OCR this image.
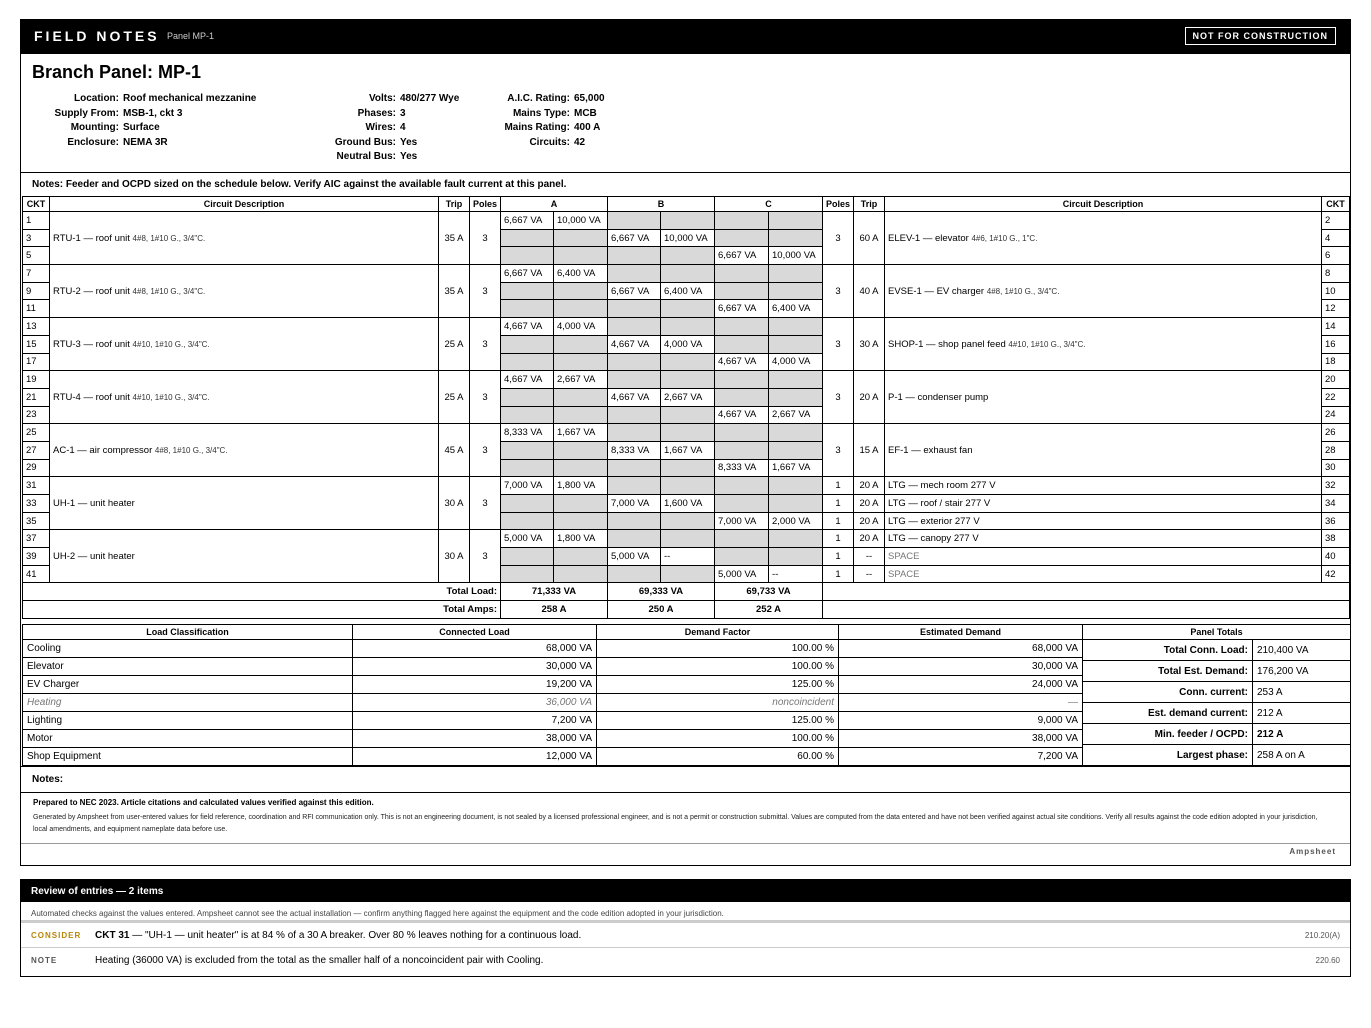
FIELD NOTES Panel MP-1	NOT FOR CONSTRUCTION
Branch Panel: MP-1
Location: Roof mechanical mezzanine
Supply From: MSB-1, ckt 3
Mounting: Surface
Enclosure: NEMA 3R
Volts: 480/277 Wye
Phases: 3
Wires: 4
Ground Bus: Yes
Neutral Bus: Yes
A.I.C. Rating: 65,000
Mains Type: MCB
Mains Rating: 400 A
Circuits: 42
Notes: Feeder and OCPD sized on the schedule below. Verify AIC against the available fault current at this panel.
CKT	Circuit Description	Trip	Poles	A		B		C		Poles	Trip	Circuit Description	CKT
1	RTU-1 — roof unit 4#8, 1#10 G., 3/4"C.	35 A	3	6,667 VA	10,000 VA					3	60 A	ELEV-1 — elevator 4#6, 1#10 G., 1"C.	2
3						6,667 VA	10,000 VA						4
5								6,667 VA	10,000 VA				6
7	RTU-2 — roof unit 4#8, 1#10 G., 3/4"C.	35 A	3	6,667 VA	6,400 VA					3	40 A	EVSE-1 — EV charger 4#8, 1#10 G., 3/4"C.	8
9						6,667 VA	6,400 VA						10
11								6,667 VA	6,400 VA				12
13	RTU-3 — roof unit 4#10, 1#10 G., 3/4"C.	25 A	3	4,667 VA	4,000 VA					3	30 A	SHOP-1 — shop panel feed 4#10, 1#10 G., 3/4"C.	14
15						4,667 VA	4,000 VA						16
17								4,667 VA	4,000 VA				18
19	RTU-4 — roof unit 4#10, 1#10 G., 3/4"C.	25 A	3	4,667 VA	2,667 VA					3	20 A	P-1 — condenser pump	20
21						4,667 VA	2,667 VA						22
23								4,667 VA	2,667 VA				24
25	AC-1 — air compressor 4#8, 1#10 G., 3/4"C.	45 A	3	8,333 VA	1,667 VA					3	15 A	EF-1 — exhaust fan	26
27						8,333 VA	1,667 VA						28
29								8,333 VA	1,667 VA				30
31	UH-1 — unit heater	30 A	3	7,000 VA	1,800 VA					1	20 A	LTG — mech room 277 V	32
33						7,000 VA	1,600 VA			1	20 A	LTG — roof / stair 277 V	34
35								7,000 VA	2,000 VA	1	20 A	LTG — exterior 277 V	36
37	UH-2 — unit heater	30 A	3	5,000 VA	1,800 VA					1	20 A	LTG — canopy 277 V	38
39						5,000 VA	--			1	--	SPACE	40
41								5,000 VA	--	1	--	SPACE	42
Total Load:				71,333 VA		69,333 VA		69,733 VA					
Total Amps:				258 A		250 A		252 A					
Load Classification	Connected Load	Demand Factor	Estimated Demand
Cooling	68,000 VA	100.00 %	68,000 VA
Elevator	30,000 VA	100.00 %	30,000 VA
EV Charger	19,200 VA	125.00 %	24,000 VA
Heating	36,000 VA	noncoincident	—
Lighting	7,200 VA	125.00 %	9,000 VA
Motor	38,000 VA	100.00 %	38,000 VA
Shop Equipment	12,000 VA	60.00 %	7,200 VA
Panel Totals	
Total Conn. Load:	210,400 VA
Total Est. Demand:	176,200 VA
Conn. current:	253 A
Est. demand current:	212 A
Min. feeder / OCPD:	212 A
Largest phase:	258 A on A
Notes:
Prepared to NEC 2023. Article citations and calculated values verified against this edition.
Generated by Ampsheet from user-entered values for field reference, coordination and RFI communication only. This is not an engineering document, is not sealed by a licensed professional engineer, and is not a permit or construction submittal. Values are computed from the data entered and have not been verified against actual site conditions. Verify all results against the code edition adopted in your jurisdiction, local amendments, and equipment nameplate data before use.
Ampsheet
Review of entries — 2 items
Automated checks against the values entered. Ampsheet cannot see the actual installation — confirm anything flagged here against the equipment and the code edition adopted in your jurisdiction.
CONSIDER CKT 31 — "UH-1 — unit heater" is at 84 % of a 30 A breaker. Over 80 % leaves nothing for a continuous load.	210.20(A)
NOTE	Heating (36000 VA) is excluded from the total as the smaller half of a noncoincident pair with Cooling.	220.60
